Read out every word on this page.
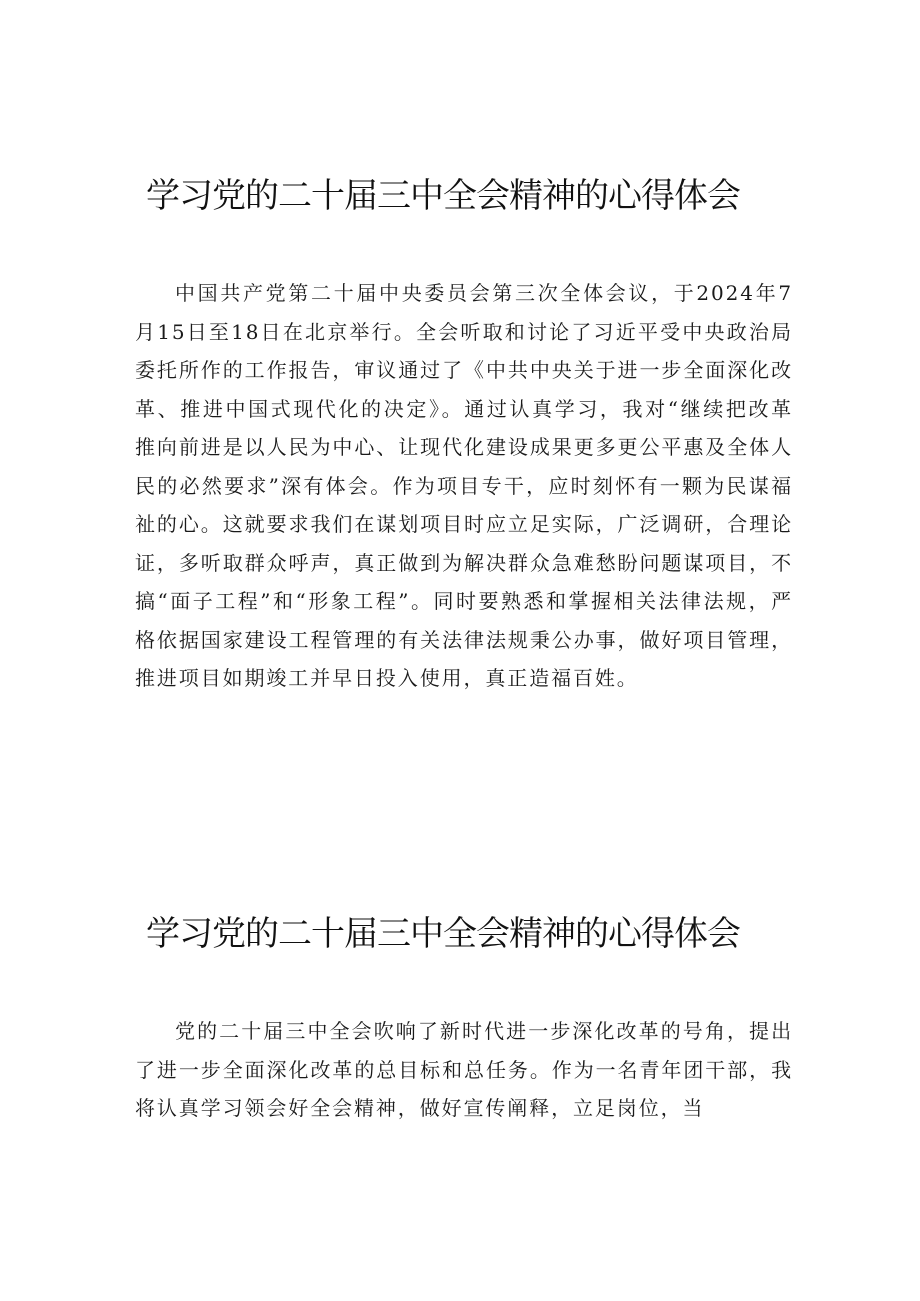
学习党的二十届三中全会精神的心得体会

中国共产党第二十届中央委员会第三次全体会议，于2024年7月15日至18日在北京举行。全会听取和讨论了习近平受中央政治局委托所作的工作报告，审议通过了《中共中央关于进一步全面深化改革、推进中国式现代化的决定》。通过认真学习，我对“继续把改革推向前进是以人民为中心、让现代化建设成果更多更公平惠及全体人民的必然要求”深有体会。作为项目专干，应时刻怀有一颗为民谋福祉的心。这就要求我们在谋划项目时应立足实际，广泛调研，合理论证，多听取群众呼声，真正做到为解决群众急难愁盼问题谋项目，不搞“面子工程”和“形象工程”。同时要熟悉和掌握相关法律法规，严格依据国家建设工程管理的有关法律法规秉公办事，做好项目管理，推进项目如期竣工并早日投入使用，真正造福百姓。

学习党的二十届三中全会精神的心得体会

党的二十届三中全会吹响了新时代进一步深化改革的号角，提出了进一步全面深化改革的总目标和总任务。作为一名青年团干部，我将认真学习领会好全会精神，做好宣传阐释，立足岗位，当
